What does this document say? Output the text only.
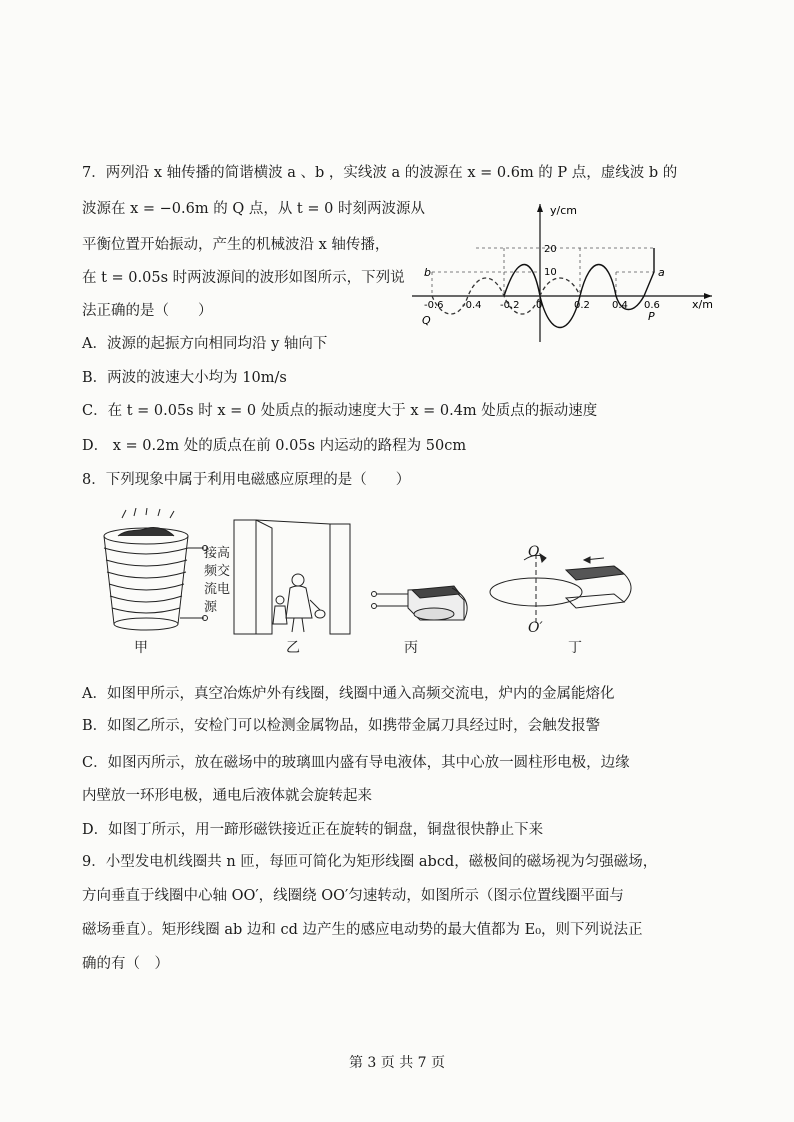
7．两列沿 x 轴传播的简谐横波 a 、b ，实线波 a 的波源在 x = 0.6m 的 P 点，虚线波 b 的
波源在 x = −0.6m 的 Q 点，从 t = 0 时刻两波源从
平衡位置开始振动，产生的机械波沿 x 轴传播，
在 t = 0.05s 时两波源间的波形如图所示，下列说
法正确的是（　　）
y/cm
x/m
-0.6 -0.4 -0.2 0	0.2 0.4 0.6
20
10
b	a
Q	P
A．波源的起振方向相同均沿 y 轴向下
B．两波的波速大小均为 10m/s
C．在 t = 0.05s 时 x = 0 处质点的振动速度大于 x = 0.4m 处质点的振动速度
D． x = 0.2m 处的质点在前 0.05s 内运动的路程为 50cm
8．下列现象中属于利用电磁感应原理的是（　　）
接高
频交
流电
源
甲	乙	丙
O
O′
丁
A．如图甲所示，真空冶炼炉外有线圈，线圈中通入高频交流电，炉内的金属能熔化
B．如图乙所示，安检门可以检测金属物品，如携带金属刀具经过时，会触发报警
C．如图丙所示，放在磁场中的玻璃皿内盛有导电液体，其中心放一圆柱形电极，边缘
内壁放一环形电极，通电后液体就会旋转起来
D．如图丁所示，用一蹄形磁铁接近正在旋转的铜盘，铜盘很快静止下来
9．小型发电机线圈共 n 匝，每匝可简化为矩形线圈 abcd，磁极间的磁场视为匀强磁场，
方向垂直于线圈中心轴 OO′，线圈绕 OO′匀速转动，如图所示（图示位置线圈平面与
磁场垂直）。矩形线圈 ab 边和 cd 边产生的感应电动势的最大值都为 E₀，则下列说法正
确的有（　）
第 3 页 共 7 页
